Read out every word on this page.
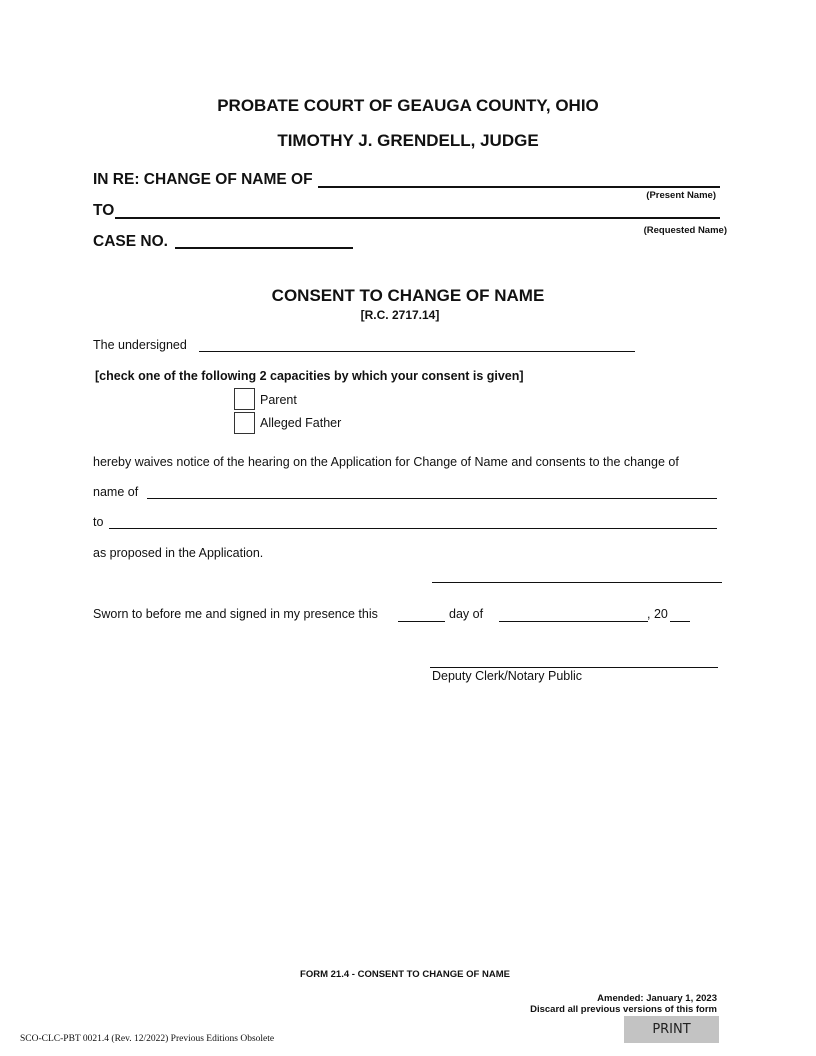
PROBATE COURT OF GEAUGA COUNTY, OHIO
TIMOTHY J. GRENDELL, JUDGE
IN RE: CHANGE OF NAME OF
(Present Name)
TO
(Requested Name)
CASE NO.
CONSENT TO CHANGE OF NAME
[R.C. 2717.14]
The undersigned
[check one of the following 2 capacities by which your consent is given]
Parent
Alleged Father
hereby waives notice of the hearing on the Application for Change of Name and consents to the change of
name of
to
as proposed in the Application.
Sworn to before me and signed in my presence this	day of	, 20
Deputy Clerk/Notary Public
FORM 21.4 - CONSENT TO CHANGE OF NAME
Amended: January 1, 2023
Discard all previous versions of this form
PRINT
SCO-CLC-PBT 0021.4 (Rev. 12/2022) Previous Editions Obsolete
